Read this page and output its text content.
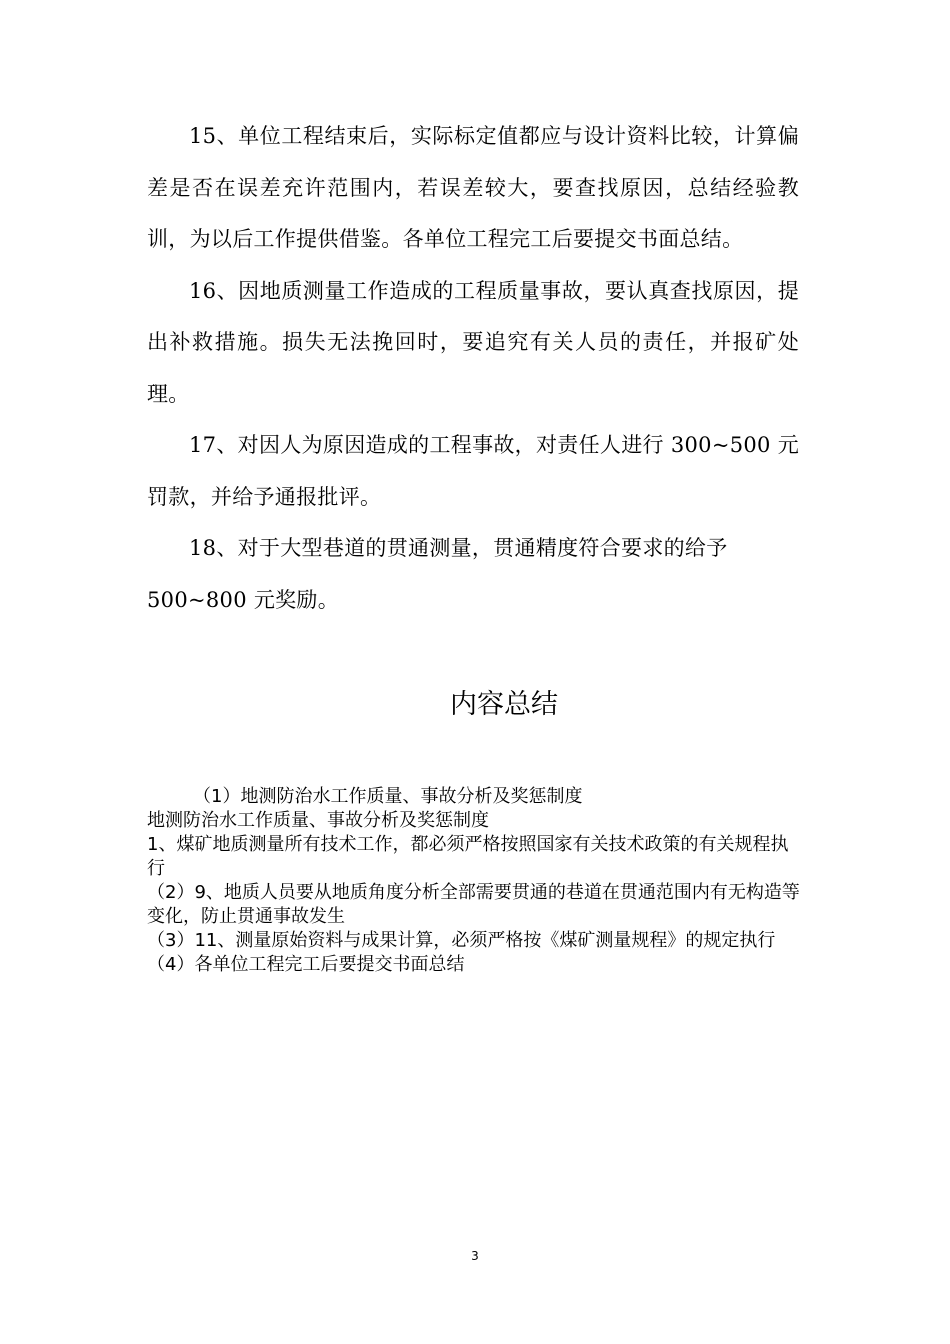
15、单位工程结束后，实际标定值都应与设计资料比较，计算偏差是否在误差充许范围内，若误差较大，要查找原因，总结经验教训，为以后工作提供借鉴。各单位工程完工后要提交书面总结。

16、因地质测量工作造成的工程质量事故，要认真查找原因，提出补救措施。损失无法挽回时，要追究有关人员的责任，并报矿处理。

17、对因人为原因造成的工程事故，对责任人进行 300~500 元罚款，并给予通报批评。

18、对于大型巷道的贯通测量，贯通精度符合要求的给予

500~800 元奖励。

内容总结

（1）地测防治水工作质量、事故分析及奖惩制度

地测防治水工作质量、事故分析及奖惩制度

1、煤矿地质测量所有技术工作，都必须严格按照国家有关技术政策的有关规程执行

（2）9、地质人员要从地质角度分析全部需要贯通的巷道在贯通范围内有无构造等变化，防止贯通事故发生

（3）11、测量原始资料与成果计算，必须严格按《煤矿测量规程》的规定执行

（4）各单位工程完工后要提交书面总结

3
